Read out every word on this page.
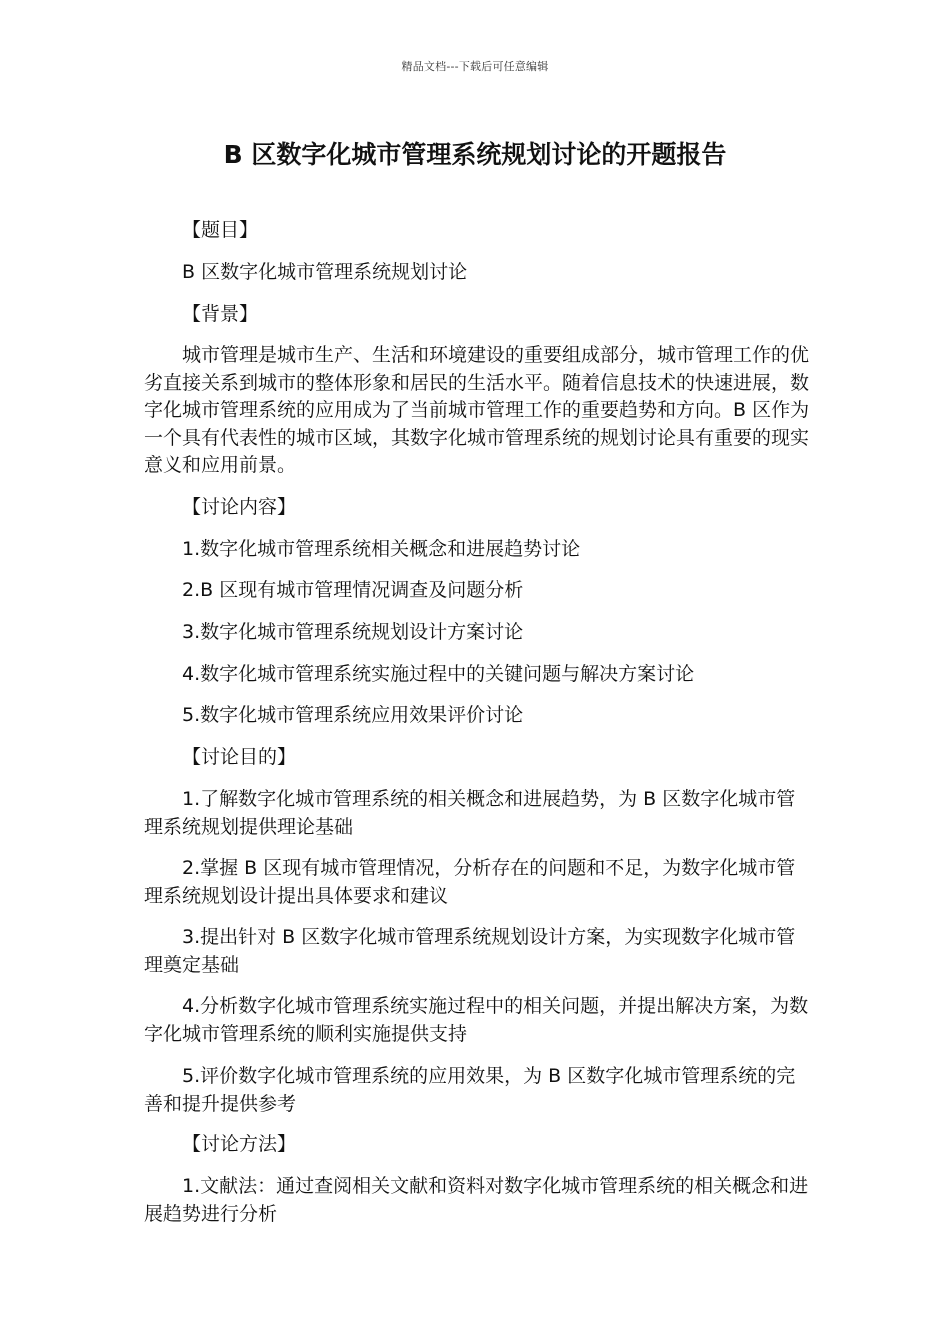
精品文档---下载后可任意编辑
B 区数字化城市管理系统规划讨论的开题报告

【题目】

B 区数字化城市管理系统规划讨论

【背景】

城市管理是城市生产、生活和环境建设的重要组成部分，城市管理工作的优劣直接关系到城市的整体形象和居民的生活水平。随着信息技术的快速进展，数字化城市管理系统的应用成为了当前城市管理工作的重要趋势和方向。B 区作为一个具有代表性的城市区域，其数字化城市管理系统的规划讨论具有重要的现实意义和应用前景。

【讨论内容】

1.数字化城市管理系统相关概念和进展趋势讨论

2.B 区现有城市管理情况调查及问题分析

3.数字化城市管理系统规划设计方案讨论

4.数字化城市管理系统实施过程中的关键问题与解决方案讨论

5.数字化城市管理系统应用效果评价讨论

【讨论目的】

1.了解数字化城市管理系统的相关概念和进展趋势，为 B 区数字化城市管理系统规划提供理论基础

2.掌握 B 区现有城市管理情况，分析存在的问题和不足，为数字化城市管理系统规划设计提出具体要求和建议

3.提出针对 B 区数字化城市管理系统规划设计方案，为实现数字化城市管理奠定基础

4.分析数字化城市管理系统实施过程中的相关问题，并提出解决方案，为数字化城市管理系统的顺利实施提供支持

5.评价数字化城市管理系统的应用效果，为 B 区数字化城市管理系统的完善和提升提供参考

【讨论方法】

1.文献法：通过查阅相关文献和资料对数字化城市管理系统的相关概念和进展趋势进行分析
